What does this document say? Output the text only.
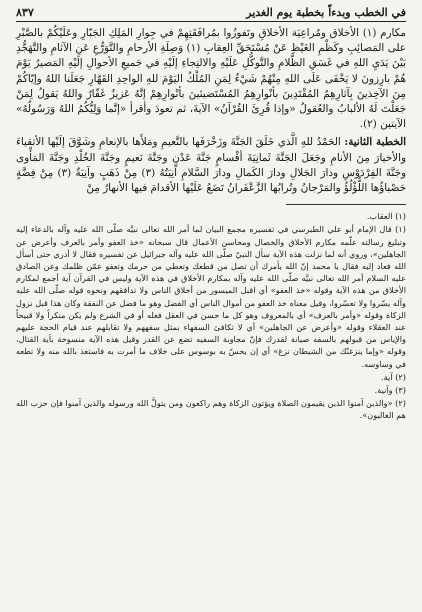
في الخطب وبدءاً بخطبة يوم الغدير
٨٣٧

مكارم (١) الأخلاق ومُراعِيَة الأخلاقِ وتَفوزُوا بمُرافَقَتِهِمْ في جِوارِ المَلِكِ الجَبّارِ وعَلَيْكُمْ بالصَّبْرِ على المَصائِبِ وكَظْمِ الغَيْظِ عَنْ مُسْتَحَقِّ العِقابِ (١) وَصِلَةِ الأرحامِ والتَّوَرُّعِ عَنِ الآثامِ والتَّهَجُّدِ بَيْنَ يَدَيِ اللهِ في غَسَقِ الظَّلامِ والتَّوكُّلِ عَلَيْهِ والالتِجاءِ إلَيْهِ في جَميعِ الأحوالِ إلَيْهِ المَصيرُ يَوْمَ هُمْ بارِزونَ لا يَخْفَى عَلَى اللهِ مِنْهُمْ شَيْءٌ لِمَنِ المُلْكُ اليَوْمَ للهِ الواحِدِ القَهّارِ جَعَلَنا اللهُ وإيّاكُمْ مِنَ الآخِذينَ بِآثارِهِمُ المُقْتَدِينَ بأنْوارِهِمُ المُسْتَضيئينَ بأنْوارِهِمْ إنَّهُ عَزيزٌ غَفّارٌ واللهُ يَقولُ لِمَنْ جَعَلْتَ لَهُ الألبابُ والعُقولُ «وإذا قُرِئَ القُرْآنُ» الآيةَ، ثم تعودَ وأقرأ «إنَّما وَلِيُّكُمُ اللهُ وَرَسُولُهُ» الآيتين (٢).

الخطبة الثانية: الحَمْدُ للهِ الَّذي خَلَقَ الجَنَّةَ وزَخْرَفَها بالنَّعيمِ ومَلأَها بالإنعامِ وشَوَّقَ إلَيْها الأتقياءَ والأخيارَ مِنَ الأنامِ وجَعَلَ الجَنَّةَ ثَمانِيَةَ أقْسامٍ جَنَّةَ عَدْنٍ وجَنَّةَ نَعيمٍ وجَنَّةَ الخُلْدِ وجَنَّةَ المَأْوى وجَنَّةَ الفِرْدَوْسِ ودارَ الجَلالِ ودارَ الكَمالِ ودارَ السَّلامِ آنِيَتُهُ (٣) مِنْ ذَهَبٍ وآنِيَةٌ (٣) مِنْ فِضَّةٍ حَصْباؤُها اللُّؤْلُؤُ والمَرْجانُ وتُرابُها الزَّعْفَرانُ تَضَعُ عَلَيْها الأقدامَ فيها الأنهارُ مِنْ

(١) العقاب.

(١) قال الإمام أبو علي الطبرسي في تفسيره مجمع البيان لما أمر الله تعالى نبيَّه صلّى الله عليه وآله بالدعاء إليه وتبليغ رسالته علّمه مكارم الأخلاق والخصال ومحاسن الأعمال قال سبحانه «خذ العفو وأمر بالعرف وأعرض عن الجاهلين»، وروي أنه لما نزلت هذه الآية سأل النبيّ صلّى الله عليه وآله جبرائيل عن تفسيره فقال لا أدري حتى أسأل الله فعاد إليه فقال يا محمد إنّ الله يأمرك أن تصل من قطعك وتعطي من حرمك وتعفو عمّن ظلمك وعن الصادق عليه السلام أمر الله تعالى نبيَّه صلّى الله عليه وآله بمكارم الأخلاق في هذه الآية وليس في القرآن آية أجمع لمكارم الأخلاق من هذه الآية وقوله «خذ العفو» أي اقبل الميسور من أخلاق الناس ولا تداققهم ونحوه قوله صلّى الله عليه وآله يسّروا ولا تعسّروا، وقيل معناه خذ العفو من أموال الناس أي الفضل وهو ما فضل عن النفقة وكان هذا قبل نزول الزكاة وقوله «وأمر بالعرف» أي بالمعروف وهو كل ما حسن في العقل فعله أو في الشرع ولم يكن منكراً ولا قبيحاً عند العقلاء وقوله «وأعرض عن الجاهلين» أي لا تكافئ السفهاء بمثل سفههم ولا تقابلهم عند قيام الحجة عليهم والإياس من قبولهم بالسفه صيانة لقدرك فإنّ مجاوبة السفيه تضع عن القدر وقيل هذه الآية منسوخة بآية القتال، وقوله «وإما ينزغنّك من الشيطان نزغ» أي إن يحسّ به بوسوس على خلاف ما أمرت به فاستعذ بالله منه ولا تطعه في وساوسه.

(٢) آية.

(٣) وآنية.

(٢) «والذين آمنوا الذين يقيمون الصلاة ويؤتون الزكاة وهم راكعون ومن يتولَّ الله ورسوله والذين آمنوا فإن حزب الله هم الغالبون».
